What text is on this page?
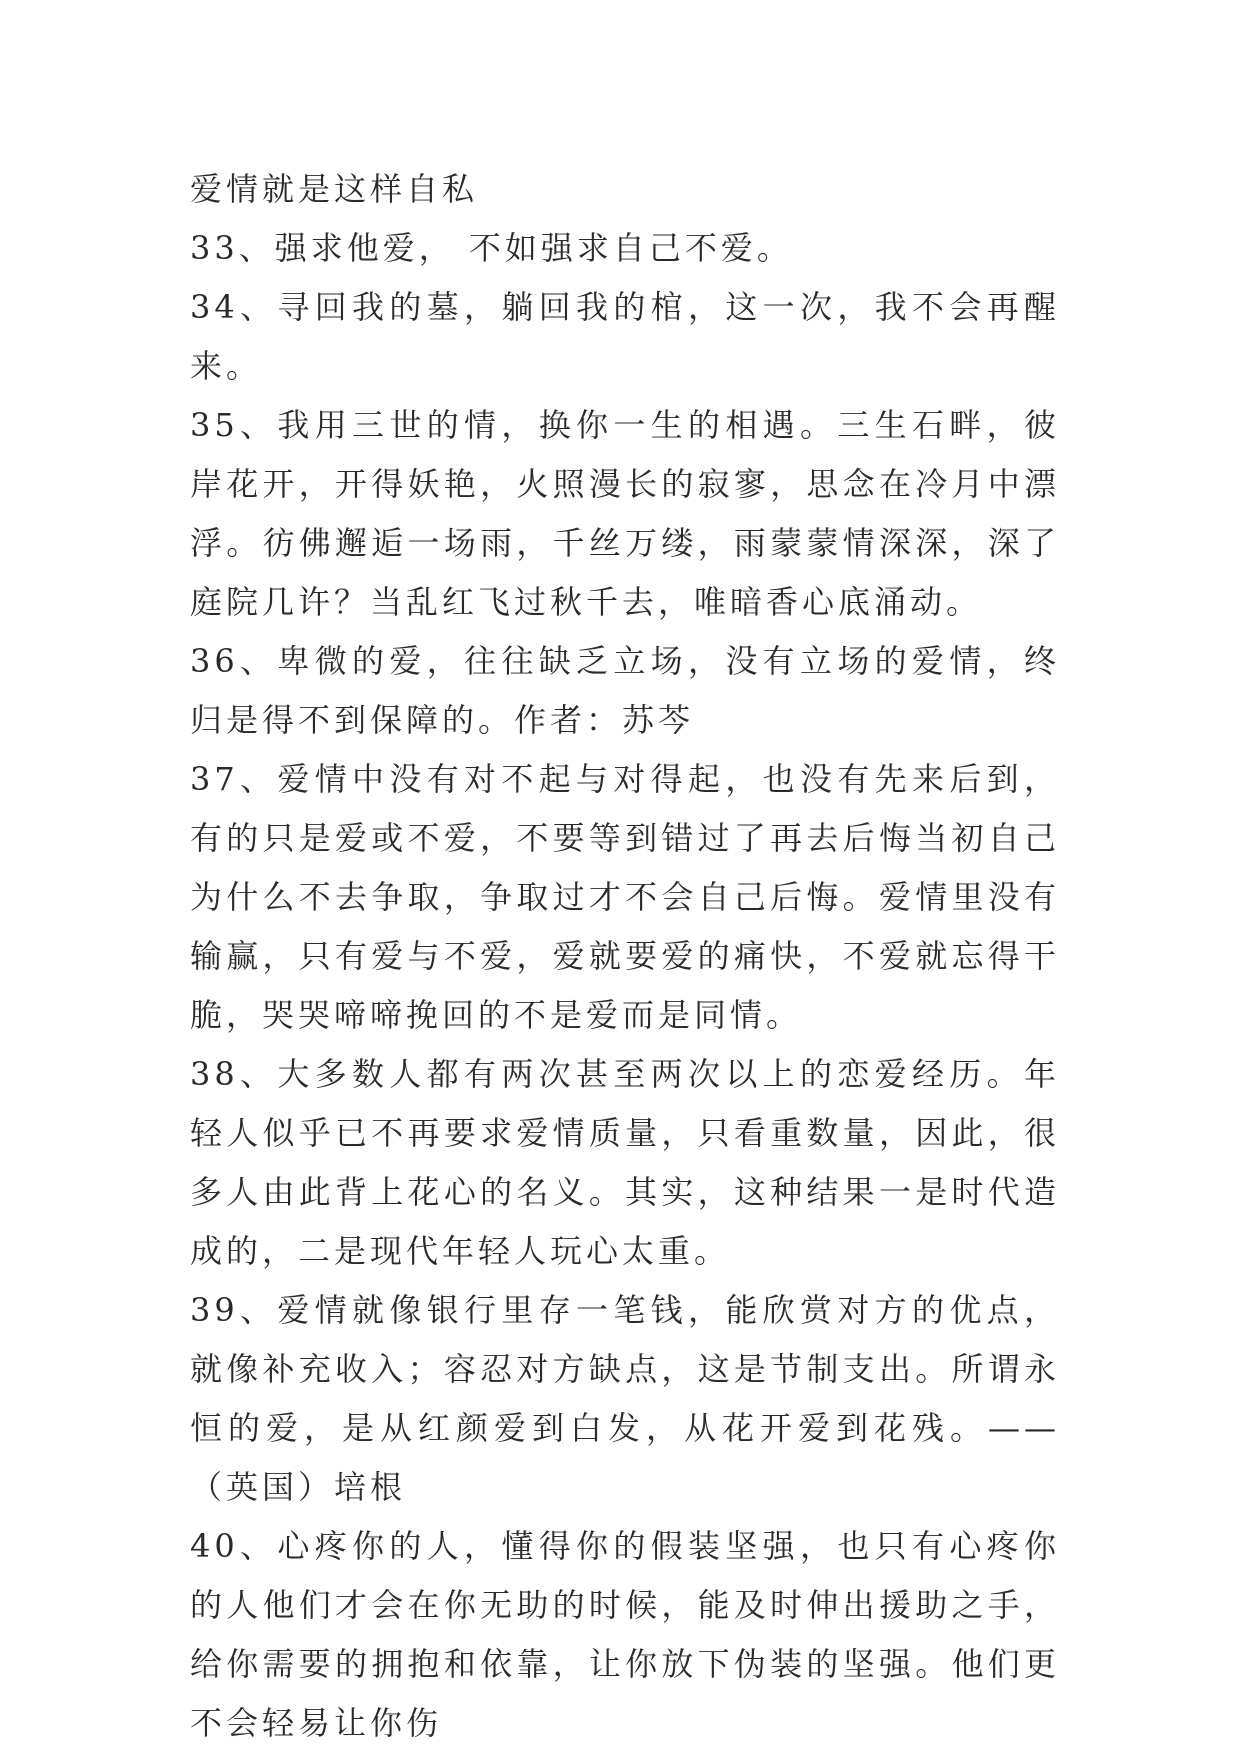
爱情就是这样自私

33、强求他爱， 不如强求自己不爱。

34、寻回我的墓，躺回我的棺，这一次，我不会再醒来。

35、我用三世的情，换你一生的相遇。三生石畔，彼岸花开，开得妖艳，火照漫长的寂寥，思念在冷月中漂浮。彷佛邂逅一场雨，千丝万缕，雨蒙蒙情深深，深了庭院几许？当乱红飞过秋千去，唯暗香心底涌动。

36、卑微的爱，往往缺乏立场，没有立场的爱情，终归是得不到保障的。作者：苏芩

37、爱情中没有对不起与对得起，也没有先来后到，有的只是爱或不爱，不要等到错过了再去后悔当初自己为什么不去争取，争取过才不会自己后悔。爱情里没有输赢，只有爱与不爱，爱就要爱的痛快，不爱就忘得干脆，哭哭啼啼挽回的不是爱而是同情。

38、大多数人都有两次甚至两次以上的恋爱经历。年轻人似乎已不再要求爱情质量，只看重数量，因此，很多人由此背上花心的名义。其实，这种结果一是时代造成的，二是现代年轻人玩心太重。

39、爱情就像银行里存一笔钱，能欣赏对方的优点，就像补充收入；容忍对方缺点，这是节制支出。所谓永恒的爱，是从红颜爱到白发，从花开爱到花残。——　（英国）培根

40、心疼你的人，懂得你的假装坚强，也只有心疼你的人他们才会在你无助的时候，能及时伸出援助之手，给你需要的拥抱和依靠，让你放下伪装的坚强。他们更不会轻易让你伤
